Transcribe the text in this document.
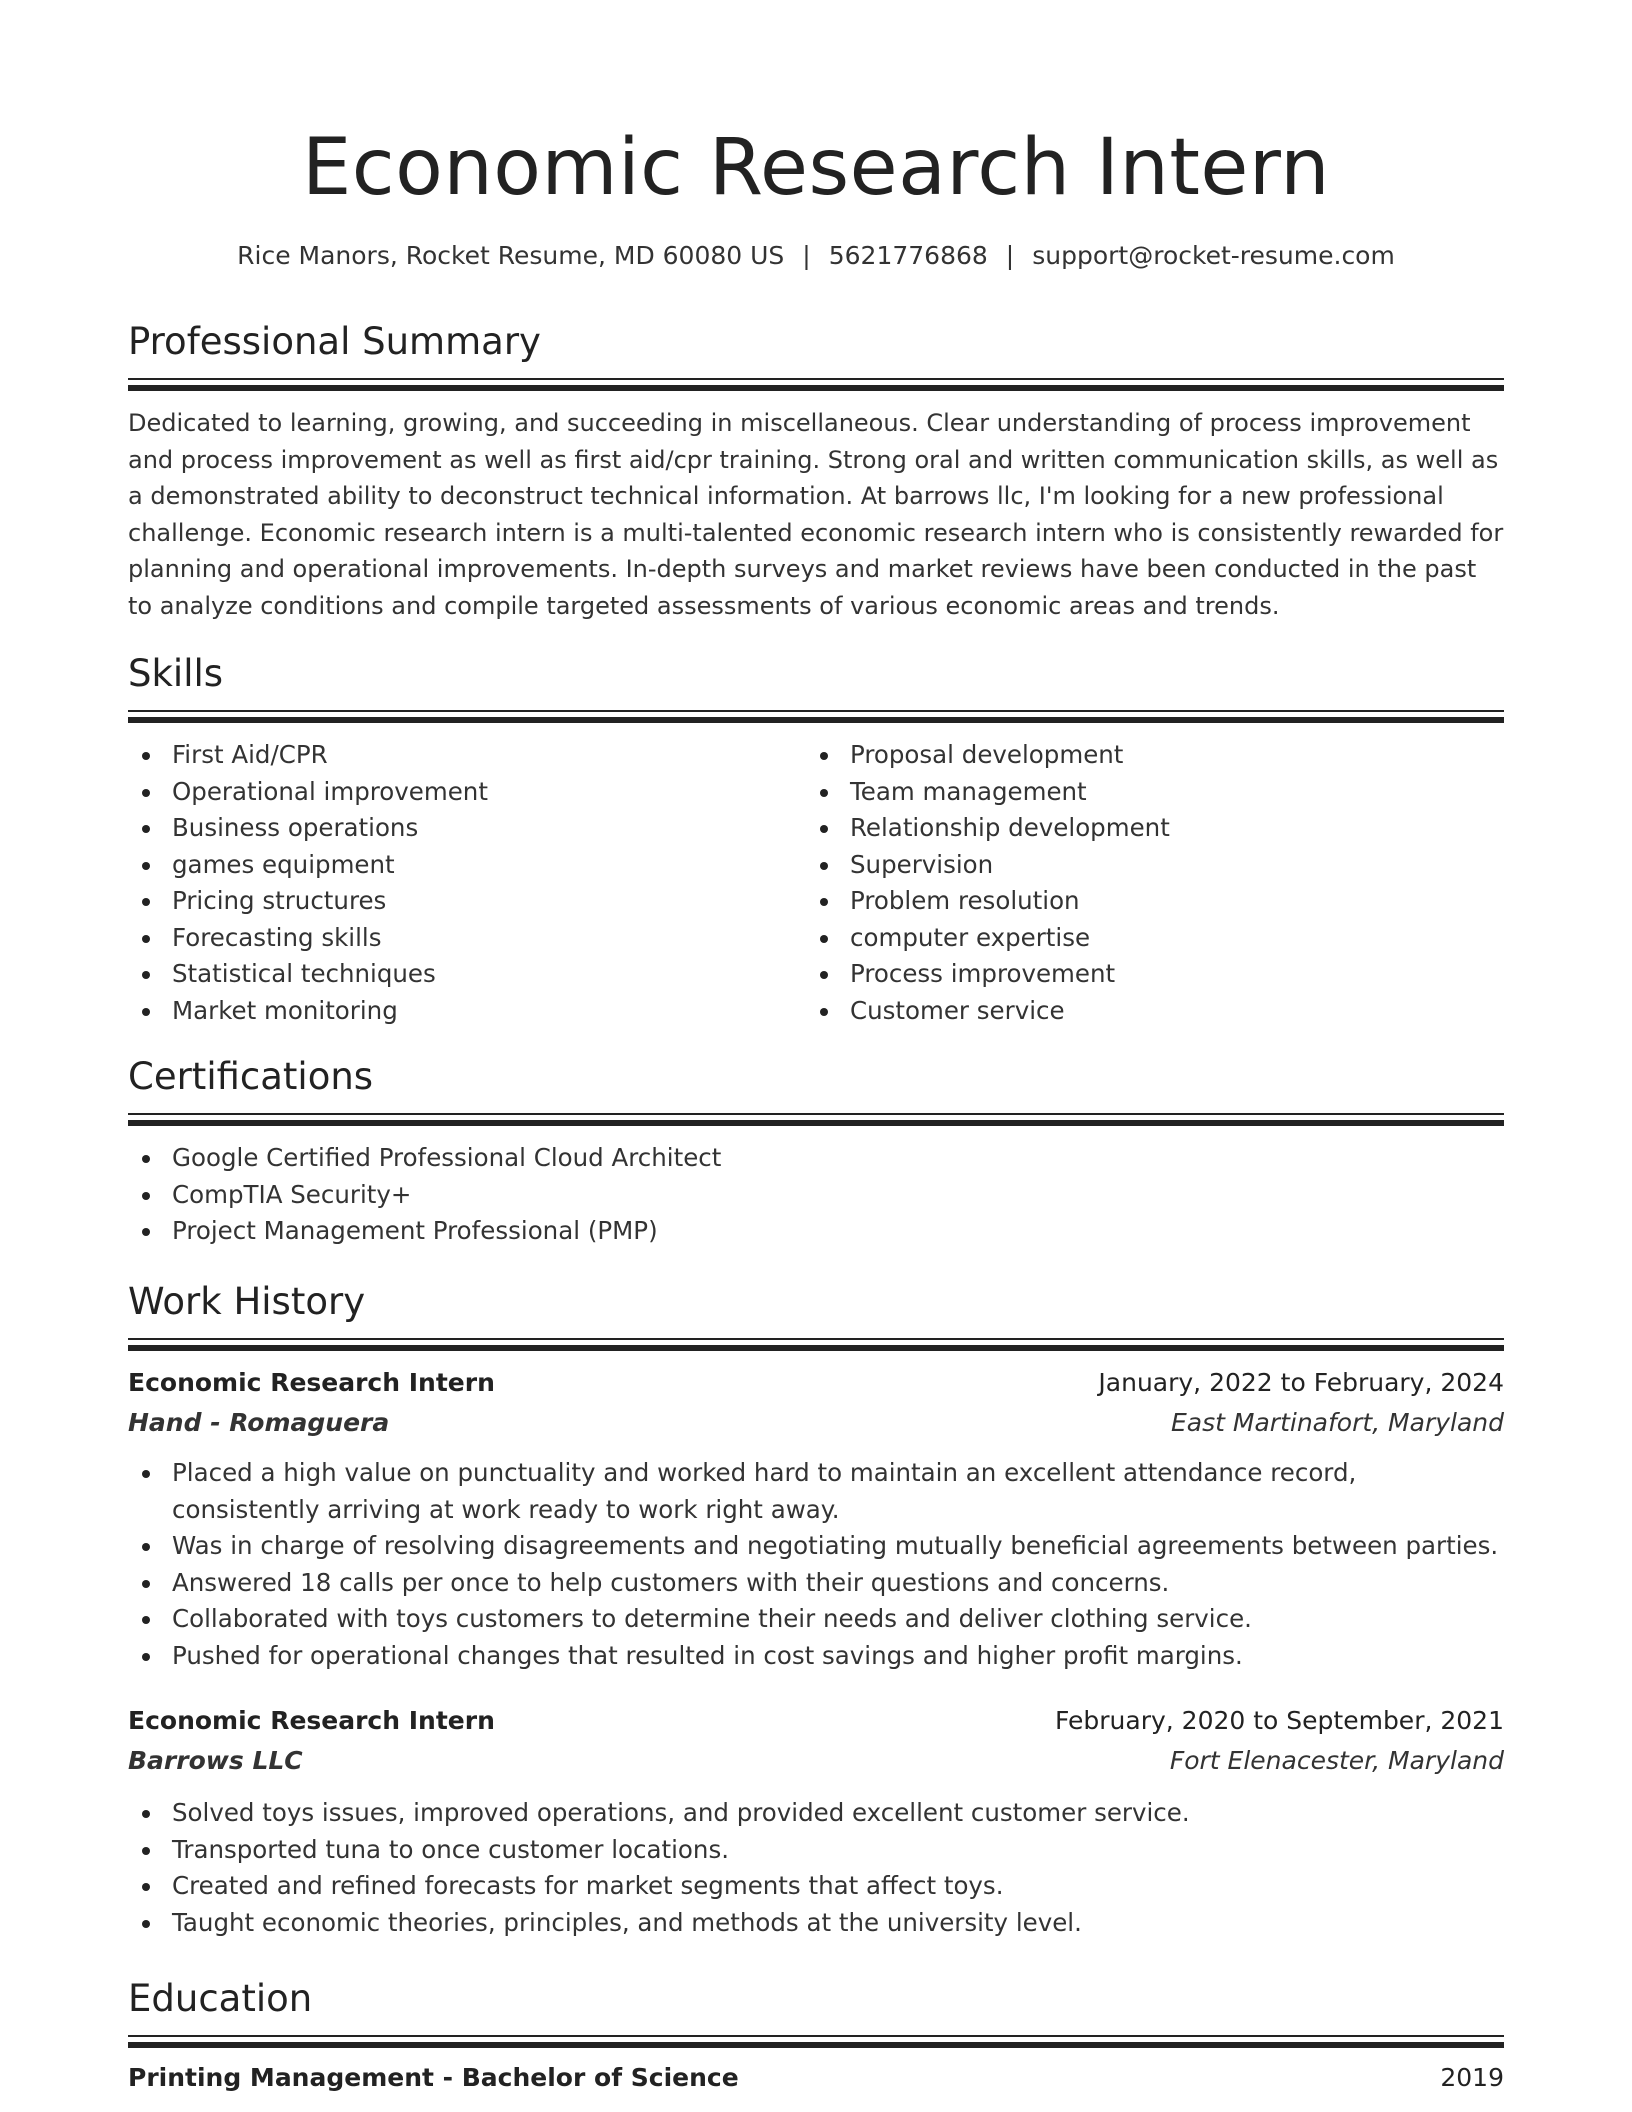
Economic Research Intern
Rice Manors, Rocket Resume, MD 60080 US | 5621776868 | support@rocket-resume.com
Professional Summary
Dedicated to learning, growing, and succeeding in miscellaneous. Clear understanding of process improvement and process improvement as well as first aid/cpr training. Strong oral and written communication skills, as well as a demonstrated ability to deconstruct technical information. At barrows llc, I'm looking for a new professional challenge. Economic research intern is a multi-talented economic research intern who is consistently rewarded for planning and operational improvements. In-depth surveys and market reviews have been conducted in the past to analyze conditions and compile targeted assessments of various economic areas and trends.
Skills
First Aid/CPR
Operational improvement
Business operations
games equipment
Pricing structures
Forecasting skills
Statistical techniques
Market monitoring
Proposal development
Team management
Relationship development
Supervision
Problem resolution
computer expertise
Process improvement
Customer service
Certifications
Google Certified Professional Cloud Architect
CompTIA Security+
Project Management Professional (PMP)
Work History
Economic Research Intern	January, 2022 to February, 2024
Hand - Romaguera	East Martinafort, Maryland
Placed a high value on punctuality and worked hard to maintain an excellent attendance record, consistently arriving at work ready to work right away.
Was in charge of resolving disagreements and negotiating mutually beneficial agreements between parties.
Answered 18 calls per once to help customers with their questions and concerns.
Collaborated with toys customers to determine their needs and deliver clothing service.
Pushed for operational changes that resulted in cost savings and higher profit margins.
Economic Research Intern	February, 2020 to September, 2021
Barrows LLC	Fort Elenacester, Maryland
Solved toys issues, improved operations, and provided excellent customer service.
Transported tuna to once customer locations.
Created and refined forecasts for market segments that affect toys.
Taught economic theories, principles, and methods at the university level.
Education
Printing Management - Bachelor of Science	2019
